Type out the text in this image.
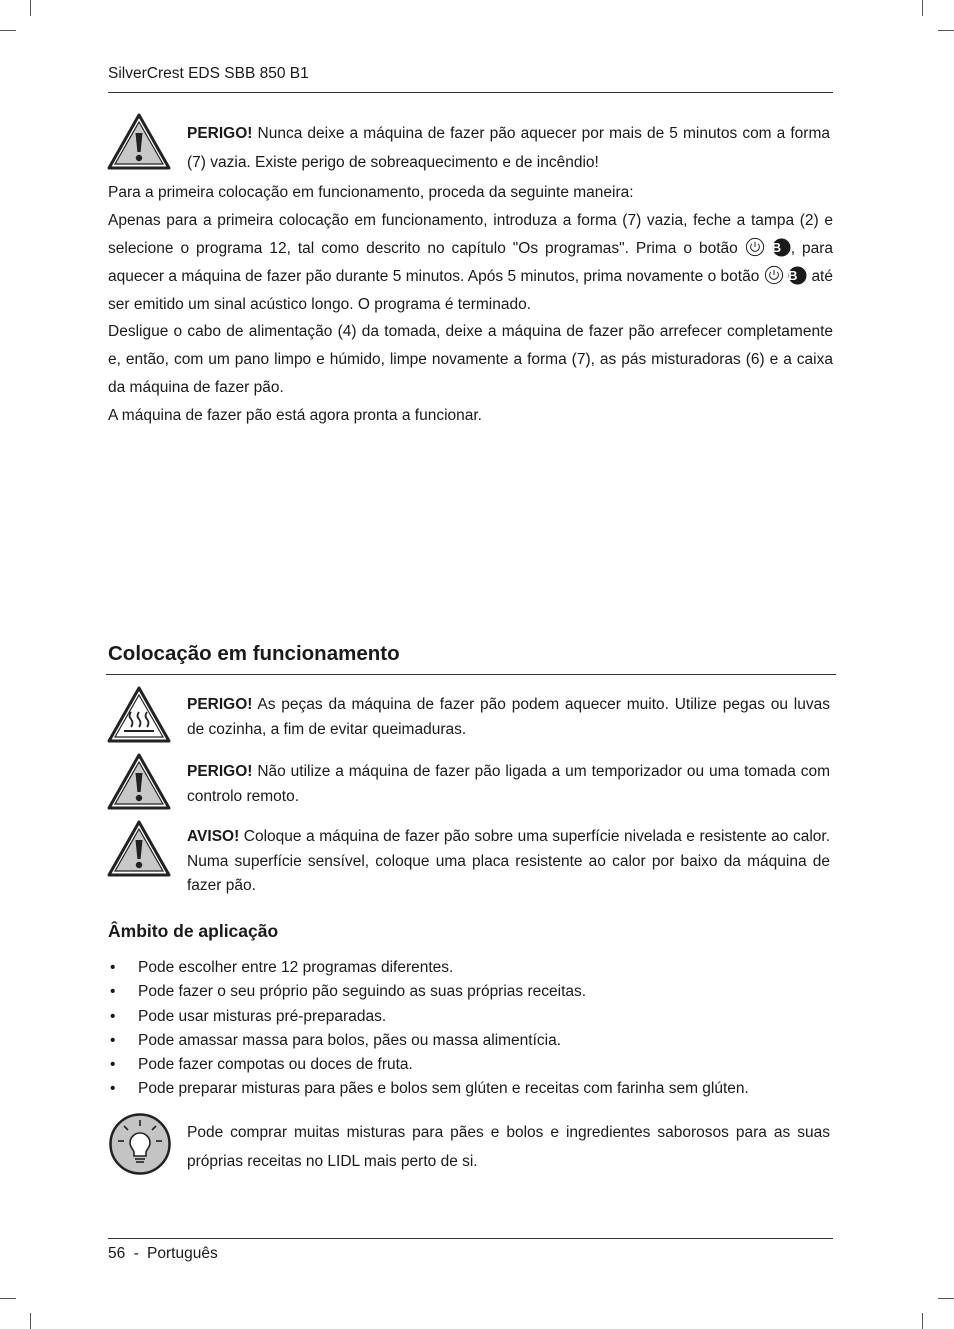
SilverCrest EDS SBB 850 B1
PERIGO! Nunca deixe a máquina de fazer pão aquecer por mais de 5 minutos com a forma (7) vazia. Existe perigo de sobreaquecimento e de incêndio!
Para a primeira colocação em funcionamento, proceda da seguinte maneira:
Apenas para a primeira colocação em funcionamento, introduza a forma (7) vazia, feche a tampa (2) e selecione o programa 12, tal como descrito no capítulo "Os programas". Prima o botão	B , para aquecer a máquina de fazer pão durante 5 minutos. Após 5 minutos, prima novamente o botão B até ser emitido um sinal acústico longo. O programa é terminado.
Desligue o cabo de alimentação (4) da tomada, deixe a máquina de fazer pão arrefecer completamente e, então, com um pano limpo e húmido, limpe novamente a forma (7), as pás misturadoras (6) e a caixa da máquina de fazer pão.
A máquina de fazer pão está agora pronta a funcionar.
Colocação em funcionamento
PERIGO! As peças da máquina de fazer pão podem aquecer muito. Utilize pegas ou luvas de cozinha, a fim de evitar queimaduras.
PERIGO! Não utilize a máquina de fazer pão ligada a um temporizador ou uma tomada com controlo remoto.
AVISO! Coloque a máquina de fazer pão sobre uma superfície nivelada e resistente ao calor. Numa superfície sensível, coloque uma placa resistente ao calor por baixo da máquina de fazer pão.
Âmbito de aplicação
• Pode escolher entre 12 programas diferentes.
• Pode fazer o seu próprio pão seguindo as suas próprias receitas.
• Pode usar misturas pré-preparadas.
• Pode amassar massa para bolos, pães ou massa alimentícia.
• Pode fazer compotas ou doces de fruta.
• Pode preparar misturas para pães e bolos sem glúten e receitas com farinha sem glúten.
Pode comprar muitas misturas para pães e bolos e ingredientes saborosos para as suas próprias receitas no LIDL mais perto de si.
56 - Português
